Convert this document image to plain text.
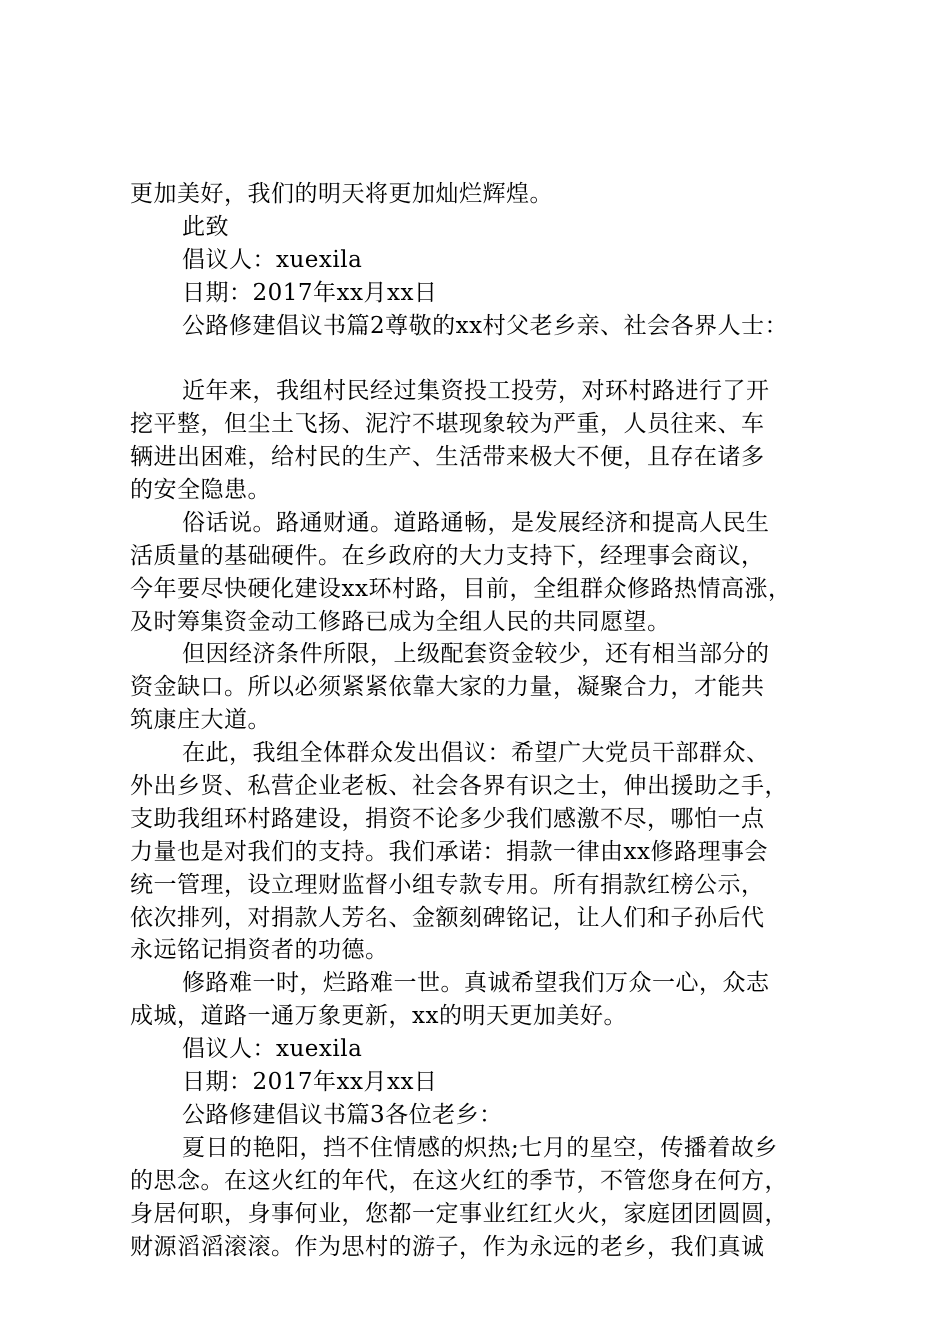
更加美好，我们的明天将更加灿烂辉煌。
此致
倡议人：xuexila
日期：2017年xx月xx日
公路修建倡议书篇2尊敬的xx村父老乡亲、社会各界人士：
近年来，我组村民经过集资投工投劳，对环村路进行了开
挖平整，但尘土飞扬、泥泞不堪现象较为严重，人员往来、车
辆进出困难，给村民的生产、生活带来极大不便，且存在诸多
的安全隐患。
俗话说。路通财通。道路通畅，是发展经济和提高人民生
活质量的基础硬件。在乡政府的大力支持下，经理事会商议，
今年要尽快硬化建设xx环村路，目前，全组群众修路热情高涨，
及时筹集资金动工修路已成为全组人民的共同愿望。
但因经济条件所限，上级配套资金较少，还有相当部分的
资金缺口。所以必须紧紧依靠大家的力量，凝聚合力，才能共
筑康庄大道。
在此，我组全体群众发出倡议：希望广大党员干部群众、
外出乡贤、私营企业老板、社会各界有识之士，伸出援助之手，
支助我组环村路建设，捐资不论多少我们感激不尽，哪怕一点
力量也是对我们的支持。我们承诺：捐款一律由xx修路理事会
统一管理，设立理财监督小组专款专用。所有捐款红榜公示，
依次排列，对捐款人芳名、金额刻碑铭记，让人们和子孙后代
永远铭记捐资者的功德。
修路难一时，烂路难一世。真诚希望我们万众一心，众志
成城，道路一通万象更新，xx的明天更加美好。
倡议人：xuexila
日期：2017年xx月xx日
公路修建倡议书篇3各位老乡：
夏日的艳阳，挡不住情感的炽热;七月的星空，传播着故乡
的思念。在这火红的年代，在这火红的季节，不管您身在何方，
身居何职，身事何业，您都一定事业红红火火，家庭团团圆圆，
财源滔滔滚滚。作为思村的游子，作为永远的老乡，我们真诚
